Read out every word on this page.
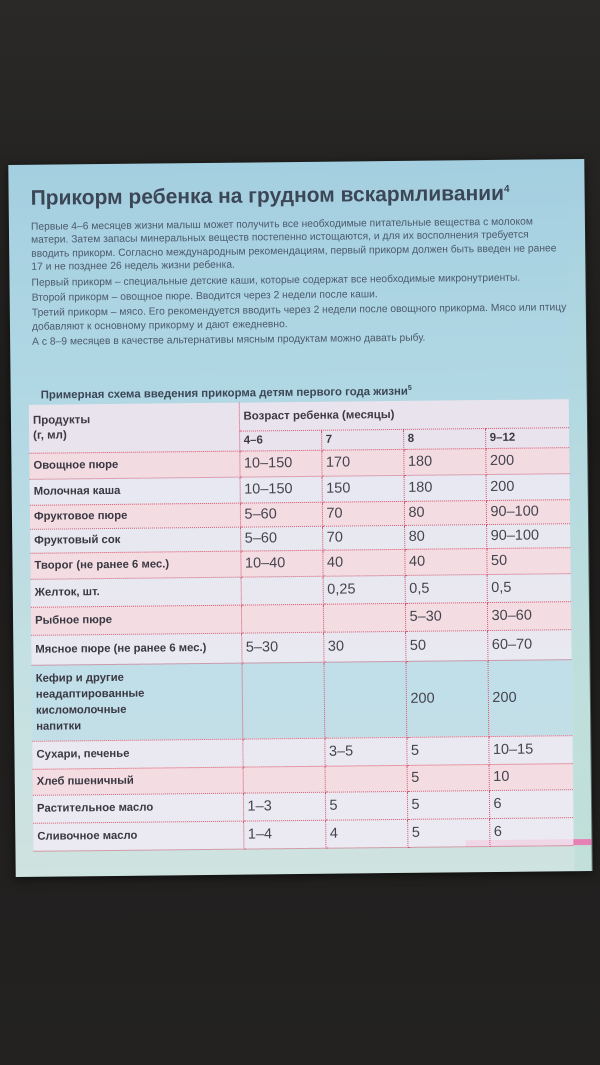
Прикорм ребенка на грудном вскармливании$^4$

Первые 4–6 месяцев жизни малыш может получить все необходимые питательные вещества с молоком матери. Затем запасы минеральных веществ постепенно истощаются, и для их восполнения требуется вводить прикорм. Согласно международным рекомендациям, первый прикорм должен быть введен не ранее 17 и не позднее 26 недель жизни ребенка.

Первый прикорм – специальные детские каши, которые содержат все необходимые микронутриенты.

Второй прикорм – овощное пюре. Вводится через 2 недели после каши.

Третий прикорм – мясо. Его рекомендуется вводить через 2 недели после овощного прикорма. Мясо или птицу добавляют к основному прикорму и дают ежедневно.

А с 8–9 месяцев в качестве альтернативы мясным продуктам можно давать рыбу.

Примерная схема введения прикорма детям первого года жизни$^5$
Продукты
(г, мл)	Возраст ребенка (месяцы)			
	4–6	7	8	9–12
Овощное пюре	10–150	170	180	200
Молочная каша	10–150	150	180	200
Фруктовое пюре	5–60	70	80	90–100
Фруктовый сок	5–60	70	80	90–100
Творог (не ранее 6 мес.)	10–40	40	40	50
Желток, шт.		0,25	0,5	0,5
Рыбное пюре			5–30	30–60
Мясное пюре (не ранее 6 мес.)	5–30	30	50	60–70
Кефир и другие
неадаптированные
кисломолочные
напитки			200	200
Сухари, печенье		3–5	5	10–15
Хлеб пшеничный			5	10
Растительное масло	1–3	5	5	6
Сливочное масло	1–4	4	5	6
